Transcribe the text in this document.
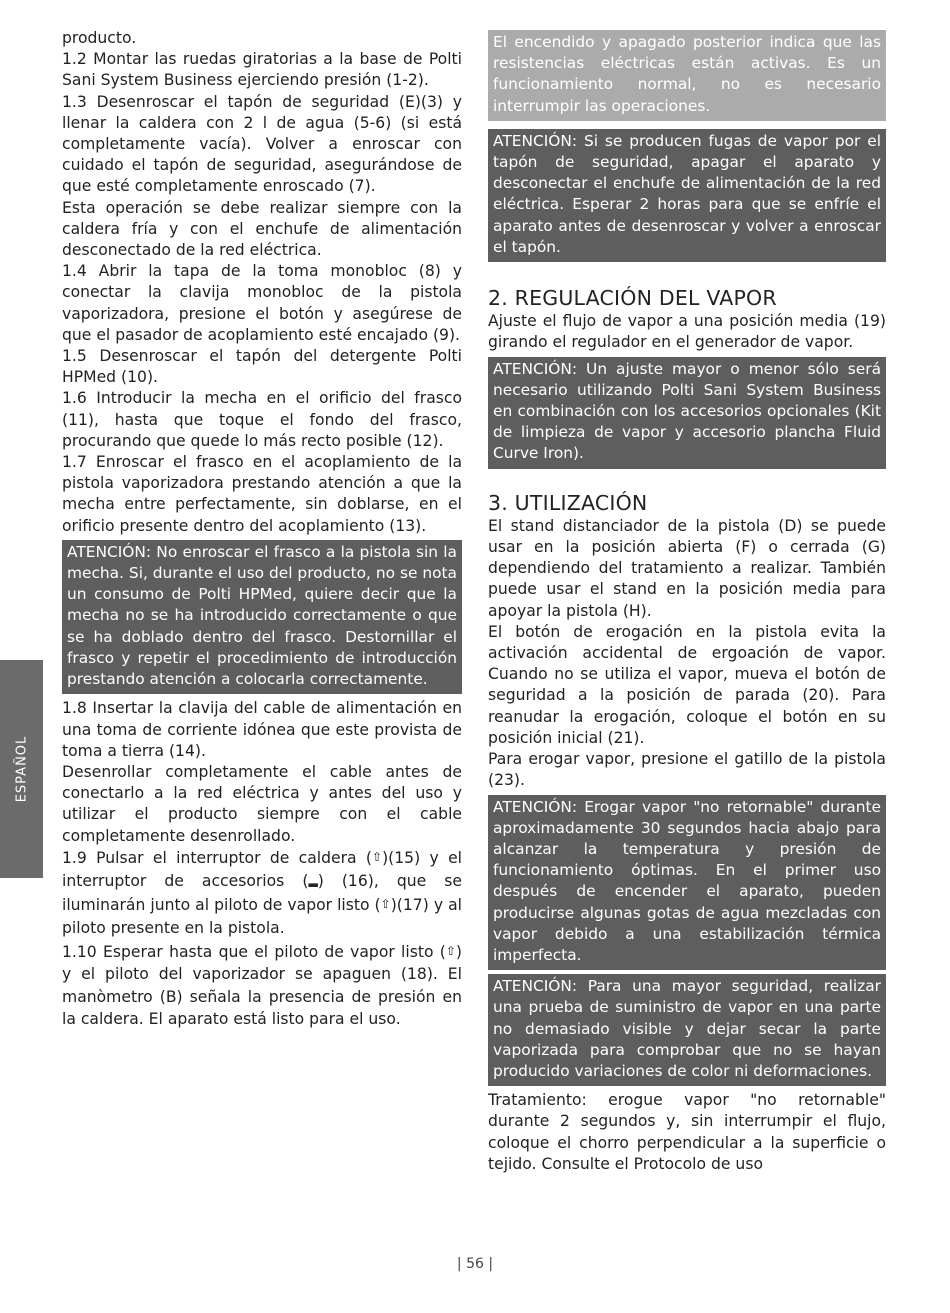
ESPAÑOL

producto.

1.2 Montar las ruedas giratorias a la base de Polti Sani System Business ejerciendo presión (1-2).

1.3 Desenroscar el tapón de seguridad (E)(3) y llenar la caldera con 2 l de agua (5-6) (si está completamente vacía). Volver a enroscar con cuidado el tapón de seguridad, asegurándose de que esté completamente enroscado (7).

Esta operación se debe realizar siempre con la caldera fría y con el enchufe de alimentación desconectado de la red eléctrica.

1.4 Abrir la tapa de la toma monobloc (8) y conectar la clavija monobloc de la pistola vaporizadora, presione el botón y asegúrese de que el pasador de acoplamiento esté encajado (9).

1.5 Desenroscar el tapón del detergente Polti HPMed (10).

1.6 Introducir la mecha en el orificio del frasco (11), hasta que toque el fondo del frasco, procurando que quede lo más recto posible (12).

1.7 Enroscar el frasco en el acoplamiento de la pistola vaporizadora prestando atención a que la mecha entre perfectamente, sin doblarse, en el orificio presente dentro del acoplamiento (13).

ATENCIÓN: No enroscar el frasco a la pistola sin la mecha. Si, durante el uso del producto, no se nota un consumo de Polti HPMed, quiere decir que la mecha no se ha introducido correctamente o que se ha doblado dentro del frasco. Destornillar el frasco y repetir el procedimiento de introducción prestando atención a colocarla correctamente.

1.8 Insertar la clavija del cable de alimentación en una toma de corriente idónea que este provista de toma a tierra (14).

Desenrollar completamente el cable antes de conectarlo a la red eléctrica y antes del uso y utilizar el producto siempre con el cable completamente desenrollado.

1.9 Pulsar el interruptor de caldera (⇧)(15) y el interruptor de accesorios (▂) (16), que se iluminarán junto al piloto de vapor listo (⇧)(17) y al piloto presente en la pistola.

1.10 Esperar hasta que el piloto de vapor listo (⇧) y el piloto del vaporizador se apaguen (18). El manòmetro (B) señala la presencia de presión en la caldera. El aparato está listo para el uso.

El encendido y apagado posterior indica que las resistencias eléctricas están activas. Es un funcionamiento normal, no es necesario interrumpir las operaciones.
ATENCIÓN: Si se producen fugas de vapor por el tapón de seguridad, apagar el aparato y desconectar el enchufe de alimentación de la red eléctrica. Esperar 2 horas para que se enfríe el aparato antes de desenroscar y volver a enroscar el tapón.
2. REGULACIÓN DEL VAPOR

Ajuste el flujo de vapor a una posición media (19) girando el regulador en el generador de vapor.

ATENCIÓN: Un ajuste mayor o menor sólo será necesario utilizando Polti Sani System Business en combinación con los accesorios opcionales (Kit de limpieza de vapor y accesorio plancha Fluid Curve Iron).
3. UTILIZACIÓN

El stand distanciador de la pistola (D) se puede usar en la posición abierta (F) o cerrada (G) dependiendo del tratamiento a realizar. También puede usar el stand en la posición media para apoyar la pistola (H).

El botón de erogación en la pistola evita la activación accidental de ergoación de vapor. Cuando no se utiliza el vapor, mueva el botón de seguridad a la posición de parada (20). Para reanudar la erogación, coloque el botón en su posición inicial (21).

Para erogar vapor, presione el gatillo de la pistola (23).

ATENCIÓN: Erogar vapor "no retornable" durante aproximadamente 30 segundos hacia abajo para alcanzar la temperatura y presión de funcionamiento óptimas. En el primer uso después de encender el aparato, pueden producirse algunas gotas de agua mezcladas con vapor debido a una estabilización térmica imperfecta.
ATENCIÓN: Para una mayor seguridad, realizar una prueba de suministro de vapor en una parte no demasiado visible y dejar secar la parte vaporizada para comprobar que no se hayan producido variaciones de color ni deformaciones.

Tratamiento: erogue vapor "no retornable" durante 2 segundos y, sin interrumpir el flujo, coloque el chorro perpendicular a la superficie o tejido. Consulte el Protocolo de uso

| 56 |
